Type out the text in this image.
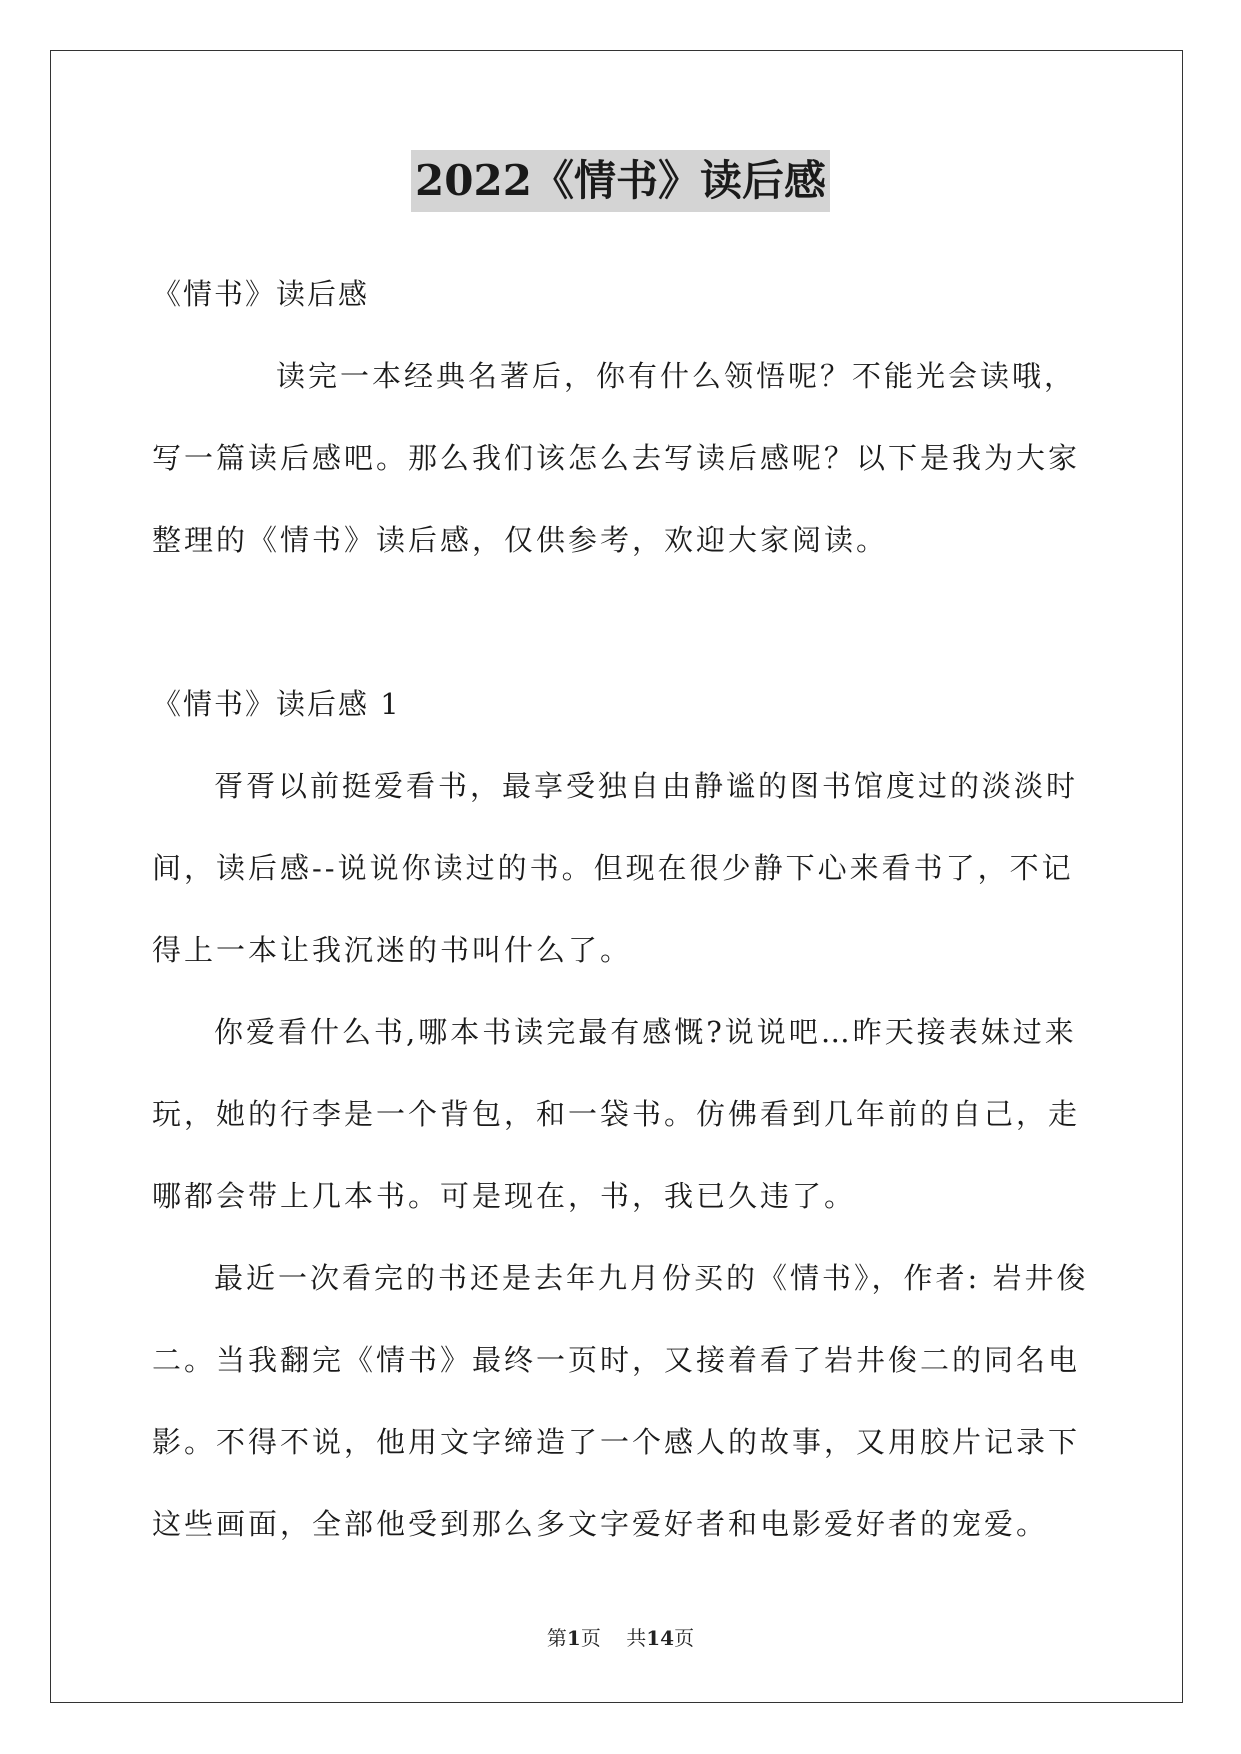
2022《情书》读后感

《情书》读后感

读完一本经典名著后，你有什么领悟呢？不能光会读哦，写一篇读后感吧。那么我们该怎么去写读后感呢？以下是我为大家整理的《情书》读后感，仅供参考，欢迎大家阅读。

《情书》读后感 1

胥胥以前挺爱看书，最享受独自由静谧的图书馆度过的淡淡时间，读后感--说说你读过的书。但现在很少静下心来看书了，不记得上一本让我沉迷的书叫什么了。

你爱看什么书,哪本书读完最有感慨?说说吧…昨天接表妹过来玩，她的行李是一个背包，和一袋书。仿佛看到几年前的自己，走哪都会带上几本书。可是现在，书，我已久违了。

最近一次看完的书还是去年九月份买的《情书》，作者: 岩井俊二。当我翻完《情书》最终一页时，又接着看了岩井俊二的同名电影。不得不说，他用文字缔造了一个感人的故事，又用胶片记录下这些画面，全部他受到那么多文字爱好者和电影爱好者的宠爱。

第1页 共14页
